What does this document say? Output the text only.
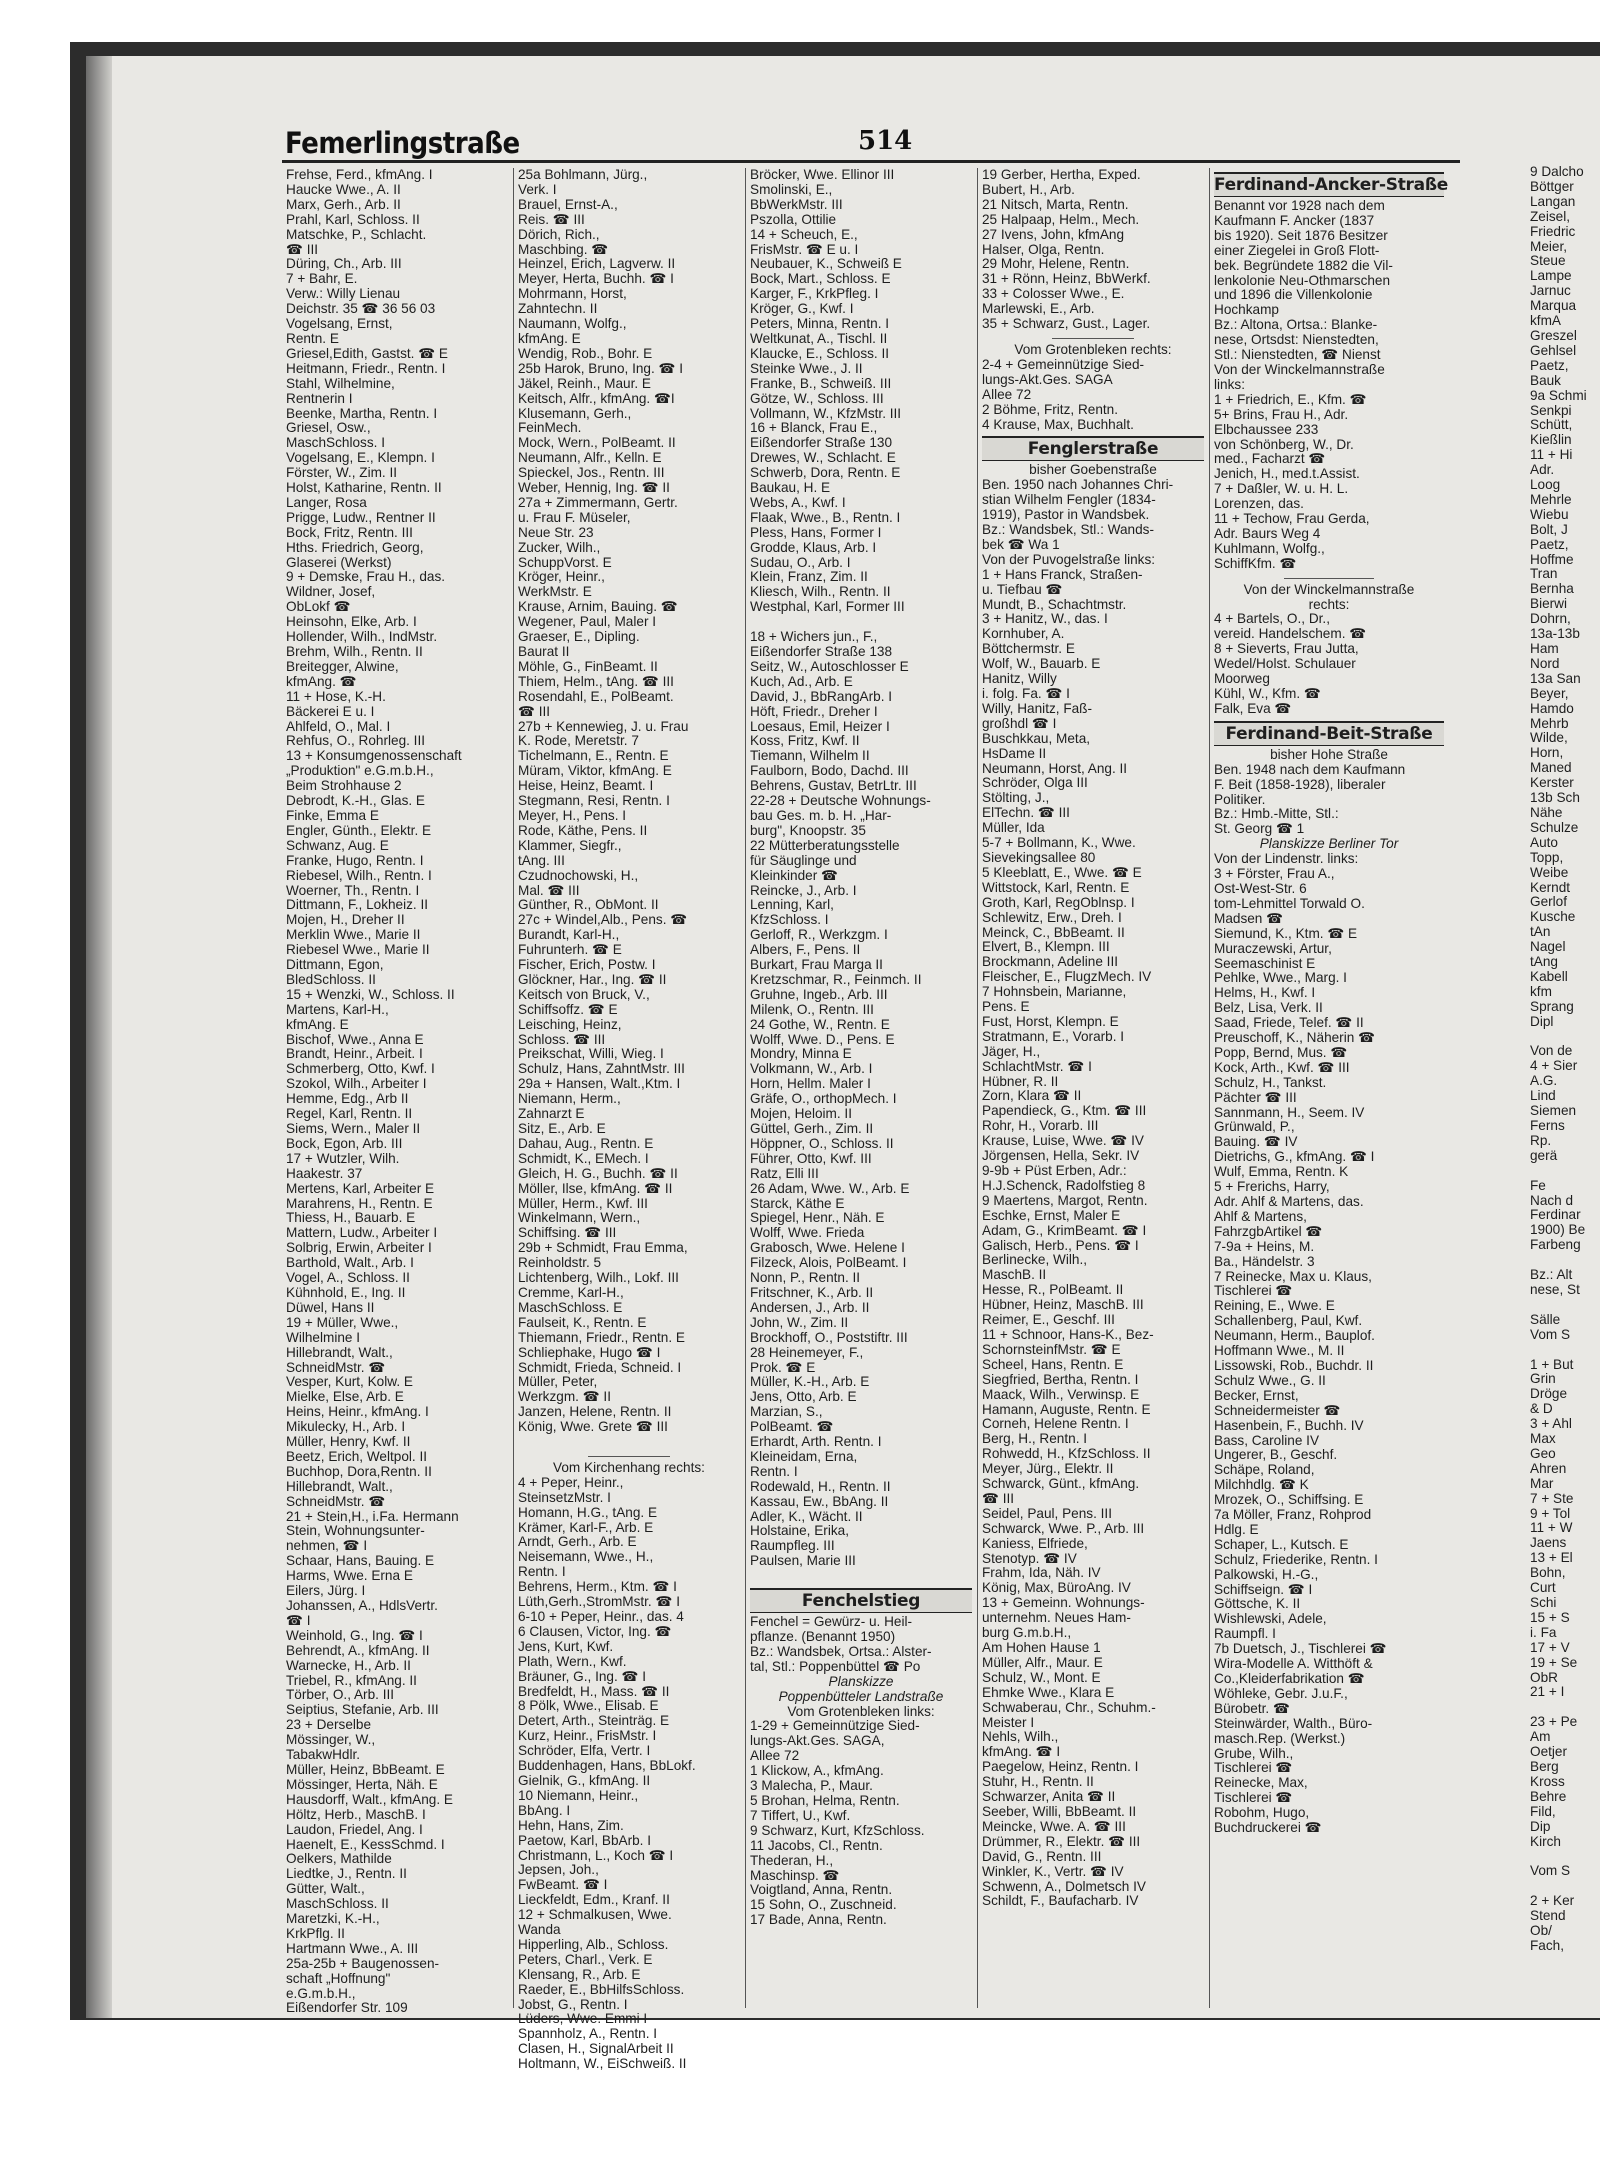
Femerlingstraße	514
Frehse, Ferd., kfmAng. I
Haucke Wwe., A. II
Marx, Gerh., Arb. II
Prahl, Karl, Schloss. II
Matschke, P., Schlacht.
☎ III
Düring, Ch., Arb. III
7 + Bahr, E.
Verw.: Willy Lienau
Deichstr. 35 ☎ 36 56 03
Vogelsang, Ernst,
Rentn. E
Griesel,Edith, Gastst. ☎ E
Heitmann, Friedr., Rentn. I
Stahl, Wilhelmine,
Rentnerin I
Beenke, Martha, Rentn. I
Griesel, Osw.,
MaschSchloss. I
Vogelsang, E., Klempn. I
Förster, W., Zim. II
Holst, Katharine, Rentn. II
Langer, Rosa
Prigge, Ludw., Rentner II
Bock, Fritz, Rentn. III
Hths. Friedrich, Georg,
Glaserei (Werkst)
9 + Demske, Frau H., das.
Wildner, Josef,
ObLokf ☎
Heinsohn, Elke, Arb. I
Hollender, Wilh., IndMstr.
Brehm, Wilh., Rentn. II
Breitegger, Alwine,
kfmAng. ☎
11 + Hose, K.-H.
Bäckerei E u. I
Ahlfeld, O., Mal. I
Rehfus, O., Rohrleg. III
13 + Konsumgenossenschaft
„Produktion" e.G.m.b.H.,
Beim Strohhause 2
Debrodt, K.-H., Glas. E
Finke, Emma E
Engler, Günth., Elektr. E
Schwanz, Aug. E
Franke, Hugo, Rentn. I
Riebesel, Wilh., Rentn. I
Woerner, Th., Rentn. I
Dittmann, F., Lokheiz. II
Mojen, H., Dreher II
Merklin Wwe., Marie II
Riebesel Wwe., Marie II
Dittmann, Egon,
BledSchloss. II
15 + Wenzki, W., Schloss. II
Martens, Karl-H.,
kfmAng. E
Bischof, Wwe., Anna E
Brandt, Heinr., Arbeit. I
Schmerberg, Otto, Kwf. I
Szokol, Wilh., Arbeiter I
Hemme, Edg., Arb II
Regel, Karl, Rentn. II
Siems, Wern., Maler II
Bock, Egon, Arb. III
17 + Wutzler, Wilh.
Haakestr. 37
Mertens, Karl, Arbeiter E
Marahrens, H., Rentn. E
Thiess, H., Bauarb. E
Mattern, Ludw., Arbeiter I
Solbrig, Erwin, Arbeiter I
Barthold, Walt., Arb. I
Vogel, A., Schloss. II
Kühnhold, E., Ing. II
Düwel, Hans II
19 + Müller, Wwe.,
Wilhelmine I
Hillebrandt, Walt.,
SchneidMstr. ☎
Vesper, Kurt, Kolw. E
Mielke, Else, Arb. E
Heins, Heinr., kfmAng. I
Mikulecky, H., Arb. I
Müller, Henry, Kwf. II
Beetz, Erich, Weltpol. II
Buchhop, Dora,Rentn. II
Hillebrandt, Walt.,
SchneidMstr. ☎
21 + Stein,H., i.Fa. Hermann
Stein, Wohnungsunter-
nehmen, ☎ I
Schaar, Hans, Bauing. E
Harms, Wwe. Erna E
Eilers, Jürg. I
Johanssen, A., HdlsVertr.
☎ I
Weinhold, G., Ing. ☎ I
Behrendt, A., kfmAng. II
Warnecke, H., Arb. II
Triebel, R., kfmAng. II
Törber, O., Arb. III
Seiptius, Stefanie, Arb. III
23 + Derselbe
Mössinger, W.,
TabakwHdlr.
Müller, Heinz, BbBeamt. E
Mössinger, Herta, Näh. E
Hausdorff, Walt., kfmAng. E
Höltz, Herb., MaschB. I
Laudon, Friedel, Ang. I
Haenelt, E., KessSchmd. I
Oelkers, Mathilde
Liedtke, J., Rentn. II
Gütter, Walt.,
MaschSchloss. II
Maretzki, K.-H.,
KrkPflg. II
Hartmann Wwe., A. III
25a-25b + Baugenossen-
schaft „Hoffnung"
e.G.m.b.H.,
Eißendorfer Str. 109
25a Bohlmann, Jürg.,
Verk. I
Brauel, Ernst-A.,
Reis. ☎ III
Dörich, Rich.,
Maschbing. ☎
Heinzel, Erich, Lagverw. II
Meyer, Herta, Buchh. ☎ I
Mohrmann, Horst,
Zahntechn. II
Naumann, Wolfg.,
kfmAng. E
Wendig, Rob., Bohr. E
25b Harok, Bruno, Ing. ☎ I
Jäkel, Reinh., Maur. E
Keitsch, Alfr., kfmAng. ☎I
Klusemann, Gerh.,
FeinMech.
Mock, Wern., PolBeamt. II
Neumann, Alfr., Kelln. E
Spieckel, Jos., Rentn. III
Weber, Hennig, Ing. ☎ II
27a + Zimmermann, Gertr.
u. Frau F. Müseler,
Neue Str. 23
Zucker, Wilh.,
SchuppVorst. E
Kröger, Heinr.,
WerkMstr. E
Krause, Arnim, Bauing. ☎
Wegener, Paul, Maler I
Graeser, E., Dipling.
Baurat II
Möhle, G., FinBeamt. II
Thiem, Helm., tAng. ☎ III
Rosendahl, E., PolBeamt.
☎ III
27b + Kennewieg, J. u. Frau
K. Rode, Meretstr. 7
Tichelmann, E., Rentn. E
Müram, Viktor, kfmAng. E
Heise, Heinz, Beamt. I
Stegmann, Resi, Rentn. I
Meyer, H., Pens. I
Rode, Käthe, Pens. II
Klammer, Siegfr.,
tAng. III
Czudnochowski, H.,
Mal. ☎ III
Günther, R., ObMont. II
27c + Windel,Alb., Pens. ☎
Burandt, Karl-H.,
Fuhrunterh. ☎ E
Fischer, Erich, Postw. I
Glöckner, Har., Ing. ☎ II
Keitsch von Bruck, V.,
Schiffsoffz. ☎ E
Leisching, Heinz,
Schloss. ☎ III
Preikschat, Willi, Wieg. I
Schulz, Hans, ZahntMstr. III
29a + Hansen, Walt.,Ktm. I
Niemann, Herm.,
Zahnarzt E
Sitz, E., Arb. E
Dahau, Aug., Rentn. E
Schmidt, K., EMech. I
Gleich, H. G., Buchh. ☎ II
Möller, Ilse, kfmAng. ☎ II
Müller, Herm., Kwf. III
Winkelmann, Wern.,
Schiffsing. ☎ III
29b + Schmidt, Frau Emma,
Reinholdstr. 5
Lichtenberg, Wilh., Lokf. III
Cremme, Karl-H.,
MaschSchloss. E
Faulseit, K., Rentn. E
Thiemann, Friedr., Rentn. E
Schliephake, Hugo ☎ I
Schmidt, Frieda, Schneid. I
Müller, Peter,
Werkzgm. ☎ II
Janzen, Helene, Rentn. II
König, Wwe. Grete ☎ III

Vom Kirchenhang rechts:
4 + Peper, Heinr.,
SteinsetzMstr. I
Homann, H.G., tAng. E
Krämer, Karl-F., Arb. E
Arndt, Gerh., Arb. E
Neisemann, Wwe., H.,
Rentn. I
Behrens, Herm., Ktm. ☎ I
Lüth,Gerh.,StromMstr. ☎ I
6-10 + Peper, Heinr., das. 4
6 Clausen, Victor, Ing. ☎
Jens, Kurt, Kwf.
Plath, Wern., Kwf.
Bräuner, G., Ing. ☎ I
Bredfeldt, H., Mass. ☎ II
8 Pölk, Wwe., Elisab. E
Detert, Arth., Steinträg. E
Kurz, Heinr., FrisMstr. I
Schröder, Elfa, Vertr. I
Buddenhagen, Hans, BbLokf.
Gielnik, G., kfmAng. II
10 Niemann, Heinr.,
BbAng. I
Hehn, Hans, Zim.
Paetow, Karl, BbArb. I
Christmann, L., Koch ☎ I
Jepsen, Joh.,
FwBeamt. ☎ I
Lieckfeldt, Edm., Kranf. II
12 + Schmalkusen, Wwe.
Wanda
Hipperling, Alb., Schloss.
Peters, Charl., Verk. E
Klensang, R., Arb. E
Raeder, E., BbHilfsSchloss.
Jobst, G., Rentn. I
Lüders, Wwe. Emmi I
Spannholz, A., Rentn. I
Clasen, H., SignalArbeit II
Holtmann, W., EiSchweiß. II
Bröcker, Wwe. Ellinor III
Smolinski, E.,
BbWerkMstr. III
Pszolla, Ottilie
14 + Scheuch, E.,
FrisMstr. ☎ E u. I
Neubauer, K., Schweiß E
Bock, Mart., Schloss. E
Karger, F., KrkPfleg. I
Kröger, G., Kwf. I
Peters, Minna, Rentn. I
Weltkunat, A., Tischl. II
Klaucke, E., Schloss. II
Steinke Wwe., J. II
Franke, B., Schweiß. III
Götze, W., Schloss. III
Vollmann, W., KfzMstr. III
16 + Blanck, Frau E.,
Eißendorfer Straße 130
Drewes, W., Schlacht. E
Schwerb, Dora, Rentn. E
Baukau, H. E
Webs, A., Kwf. I
Flaak, Wwe., B., Rentn. I
Pless, Hans, Former I
Grodde, Klaus, Arb. I
Sudau, O., Arb. I
Klein, Franz, Zim. II
Kliesch, Wilh., Rentn. II
Westphal, Karl, Former III

18 + Wichers jun., F.,
Eißendorfer Straße 138
Seitz, W., Autoschlosser E
Kuch, Ad., Arb. E
David, J., BbRangArb. I
Höft, Friedr., Dreher I
Loesaus, Emil, Heizer I
Koss, Fritz, Kwf. II
Tiemann, Wilhelm II
Faulborn, Bodo, Dachd. III
Behrens, Gustav, BetrLtr. III
22-28 + Deutsche Wohnungs-
bau Ges. m. b. H. „Har-
burg", Knoopstr. 35
22 Mütterberatungsstelle
für Säuglinge und
Kleinkinder ☎
Reincke, J., Arb. I
Lenning, Karl,
KfzSchloss. I
Gerloff, R., Werkzgm. I
Albers, F., Pens. II
Burkart, Frau Marga II
Kretzschmar, R., Feinmch. II
Gruhne, Ingeb., Arb. III
Milenk, O., Rentn. III
24 Gothe, W., Rentn. E
Wolff, Wwe. D., Pens. E
Mondry, Minna E
Volkmann, W., Arb. I
Horn, Hellm. Maler I
Gräfe, O., orthopMech. I
Mojen, Heloim. II
Güttel, Gerh., Zim. II
Höppner, O., Schloss. II
Führer, Otto, Kwf. III
Ratz, Elli III
26 Adam, Wwe. W., Arb. E
Starck, Käthe E
Spiegel, Henr., Näh. E
Wolff, Wwe. Frieda
Grabosch, Wwe. Helene I
Filzeck, Alois, PolBeamt. I
Nonn, P., Rentn. II
Fritschner, K., Arb. II
Andersen, J., Arb. II
John, W., Zim. II
Brockhoff, O., Poststiftr. III
28 Heinemeyer, F.,
Prok. ☎ E
Müller, K.-H., Arb. E
Jens, Otto, Arb. E
Marzian, S.,
PolBeamt. ☎
Erhardt, Arth. Rentn. I
Kleineidam, Erna,
Rentn. I
Rodewald, H., Rentn. II
Kassau, Ew., BbAng. II
Adler, K., Wächt. II
Holstaine, Erika,
Raumpfleg. III
Paulsen, Marie III

Fenchelstieg
Fenchel = Gewürz- u. Heil-
pflanze. (Benannt 1950)
Bz.: Wandsbek, Ortsa.: Alster-
tal, Stl.: Poppenbüttel ☎ Po
Planskizze
Poppenbütteler Landstraße
Vom Grotenbleken links:
1-29 + Gemeinnützige Sied-
lungs-Akt.Ges. SAGA,
Allee 72
1 Klickow, A., kfmAng.
3 Malecha, P., Maur.
5 Brohan, Helma, Rentn.
7 Tiffert, U., Kwf.
9 Schwarz, Kurt, KfzSchloss.
11 Jacobs, Cl., Rentn.
Thederan, H.,
Maschinsp. ☎
Voigtland, Anna, Rentn.
15 Sohn, O., Zuschneid.
17 Bade, Anna, Rentn.
19 Gerber, Hertha, Exped.
Bubert, H., Arb.
21 Nitsch, Marta, Rentn.
25 Halpaap, Helm., Mech.
27 Ivens, John, kfmAng
Halser, Olga, Rentn.
29 Mohr, Helene, Rentn.
31 + Rönn, Heinz, BbWerkf.
33 + Colosser Wwe., E.
Marlewski, E., Arb.
35 + Schwarz, Gust., Lager.
Vom Grotenbleken rechts:
2-4 + Gemeinnützige Sied-
lungs-Akt.Ges. SAGA
Allee 72
2 Böhme, Fritz, Rentn.
4 Krause, Max, Buchhalt.
Fenglerstraße
bisher Goebenstraße
Ben. 1950 nach Johannes Chri-
stian Wilhelm Fengler (1834-
1919), Pastor in Wandsbek.
Bz.: Wandsbek, Stl.: Wands-
bek ☎ Wa 1
Von der Puvogelstraße links:
1 + Hans Franck, Straßen-
u. Tiefbau ☎
Mundt, B., Schachtmstr.
3 + Hanitz, W., das. I
Kornhuber, A.
Böttchermstr. E
Wolf, W., Bauarb. E
Hanitz, Willy
i. folg. Fa. ☎ I
Willy, Hanitz, Faß-
großhdl ☎ I
Buschkkau, Meta,
HsDame II
Neumann, Horst, Ang. II
Schröder, Olga III
Stölting, J.,
ElTechn. ☎ III
Müller, Ida
5-7 + Bollmann, K., Wwe.
Sievekingsallee 80
5 Kleeblatt, E., Wwe. ☎ E
Wittstock, Karl, Rentn. E
Groth, Karl, RegOblnsp. I
Schlewitz, Erw., Dreh. I
Meinck, C., BbBeamt. II
Elvert, B., Klempn. III
Brockmann, Adeline III
Fleischer, E., FlugzMech. IV
7 Hohnsbein, Marianne,
Pens. E
Fust, Horst, Klempn. E
Stratmann, E., Vorarb. I
Jäger, H.,
SchlachtMstr. ☎ I
Hübner, R. II
Zorn, Klara ☎ II
Papendieck, G., Ktm. ☎ III
Rohr, H., Vorarb. III
Krause, Luise, Wwe. ☎ IV
Jörgensen, Hella, Sekr. IV
9-9b + Püst Erben, Adr.:
H.J.Schenck, Radolfstieg 8
9 Maertens, Margot, Rentn.
Eschke, Ernst, Maler E
Adam, G., KrimBeamt. ☎ I
Galisch, Herb., Pens. ☎ I
Berlinecke, Wilh.,
MaschB. II
Hesse, R., PolBeamt. II
Hübner, Heinz, MaschB. III
Reimer, E., Geschf. III
11 + Schnoor, Hans-K., Bez-
SchornsteinfMstr. ☎ E
Scheel, Hans, Rentn. E
Siegfried, Bertha, Rentn. I
Maack, Wilh., Verwinsp. E
Hamann, Auguste, Rentn. E
Corneh, Helene Rentn. I
Berg, H., Rentn. I
Rohwedd, H., KfzSchloss. II
Meyer, Jürg., Elektr. II
Schwarck, Günt., kfmAng.
☎ III
Seidel, Paul, Pens. III
Schwarck, Wwe. P., Arb. III
Kaniess, Elfriede,
Stenotyp. ☎ IV
Frahm, Ida, Näh. IV
König, Max, BüroAng. IV
13 + Gemeinn. Wohnungs-
unternehm. Neues Ham-
burg G.m.b.H.,
Am Hohen Hause 1
Müller, Alfr., Maur. E
Schulz, W., Mont. E
Ehmke Wwe., Klara E
Schwaberau, Chr., Schuhm.-
Meister I
Nehls, Wilh.,
kfmAng. ☎ I
Paegelow, Heinz, Rentn. I
Stuhr, H., Rentn. II
Schwarzer, Anita ☎ II
Seeber, Willi, BbBeamt. II
Meincke, Wwe. A. ☎ III
Drümmer, R., Elektr. ☎ III
David, G., Rentn. III
Winkler, K., Vertr. ☎ IV
Schwenn, A., Dolmetsch IV
Schildt, F., Baufacharb. IV
Ferdinand-Ancker-Straße
Benannt vor 1928 nach dem
Kaufmann F. Ancker (1837
bis 1920). Seit 1876 Besitzer
einer Ziegelei in Groß Flott-
bek. Begründete 1882 die Vil-
lenkolonie Neu-Othmarschen
und 1896 die Villenkolonie
Hochkamp
Bz.: Altona, Ortsa.: Blanke-
nese, Ortsdst: Nienstedten,
Stl.: Nienstedten, ☎ Nienst
Von der Winckelmannstraße
links:
1 + Friedrich, E., Kfm. ☎
5+ Brins, Frau H., Adr.
Elbchaussee 233
von Schönberg, W., Dr.
med., Facharzt ☎
Jenich, H., med.t.Assist.
7 + Daßler, W. u. H. L.
Lorenzen, das.
11 + Techow, Frau Gerda,
Adr. Baurs Weg 4
Kuhlmann, Wolfg.,
SchiffKfm. ☎
Von der Winckelmannstraße
rechts:
4 + Bartels, O., Dr.,
vereid. Handelschem. ☎
8 + Sieverts, Frau Jutta,
Wedel/Holst. Schulauer
Moorweg
Kühl, W., Kfm. ☎
Falk, Eva ☎
Ferdinand-Beit-Straße
bisher Hohe Straße
Ben. 1948 nach dem Kaufmann
F. Beit (1858-1928), liberaler
Politiker.
Bz.: Hmb.-Mitte, Stl.:
St. Georg ☎ 1
Planskizze Berliner Tor
Von der Lindenstr. links:
3 + Förster, Frau A.,
Ost-West-Str. 6
tom-Lehmittel Torwald O.
Madsen ☎
Siemund, K., Ktm. ☎ E
Muraczewski, Artur,
Seemaschinist E
Pehlke, Wwe., Marg. I
Helms, H., Kwf. I
Belz, Lisa, Verk. II
Saad, Friede, Telef. ☎ II
Preuschoff, K., Näherin ☎
Popp, Bernd, Mus. ☎
Kock, Arth., Kwf. ☎ III
Schulz, H., Tankst.
Pächter ☎ III
Sannmann, H., Seem. IV
Grünwald, P.,
Bauing. ☎ IV
Dietrichs, G., kfmAng. ☎ I
Wulf, Emma, Rentn. K
5 + Frerichs, Harry,
Adr. Ahlf & Martens, das.
Ahlf & Martens,
FahrzgbArtikel ☎
7-9a + Heins, M.
Ba., Händelstr. 3
7 Reinecke, Max u. Klaus,
Tischlerei ☎
Reining, E., Wwe. E
Schallenberg, Paul, Kwf.
Neumann, Herm., Bauplof.
Hoffmann Wwe., M. II
Lissowski, Rob., Buchdr. II
Schulz Wwe., G. II
Becker, Ernst,
Schneidermeister ☎
Hasenbein, F., Buchh. IV
Bass, Caroline IV
Ungerer, B., Geschf.
Schäpe, Roland,
Milchhdlg. ☎ K
Mrozek, O., Schiffsing. E
7a Möller, Franz, Rohprod
Hdlg. E
Schaper, L., Kutsch. E
Schulz, Friederike, Rentn. I
Palkowski, H.-G.,
Schiffseign. ☎ I
Göttsche, K. II
Wishlewski, Adele,
Raumpfl. I
7b Duetsch, J., Tischlerei ☎
Wira-Modelle A. Witthöft &
Co.,Kleiderfabrikation ☎
Wöhleke, Gebr. J.u.F.,
Bürobetr. ☎
Steinwärder, Walth., Büro-
masch.Rep. (Werkst.)
Grube, Wilh.,
Tischlerei ☎
Reinecke, Max,
Tischlerei ☎
Robohm, Hugo,
Buchdruckerei ☎
9 Dalcho
Böttger
Langan
Zeisel,
Friedric
Meier,
Steue
Lampe
Jarnuc
Marqua
kfmA
Greszel
Gehlsel
Paetz,
Bauk
9a Schmi
Senkpi
Schütt,
Kießlin
11 + Hi
Adr.
Loog
Mehrle
Wiebu
Bolt, J
Paetz,
Hoffme
Tran
Bernha
Bierwi
Dohrn,
13a-13b
Ham
Nord
13a San
Beyer,
Hamdo
Mehrb
Wilde,
Horn,
Maned
Kerster
13b Sch
Nähe
Schulze
Auto
Topp,
Weibe
Kerndt
Gerlof
Kusche
tAn
Nagel
tAng
Kabell
kfm
Sprang
Dipl

Von de
4 + Sier
A.G.
Lind
Siemen
Ferns
Rp.
gerä

Fe
Nach d
Ferdinar
1900) Be
Farbeng

Bz.: Alt
nese, St

Sälle
Vom S

1 + But
Grin
Dröge
& D
3 + Ahl
Max
Geo
Ahren
Mar
7 + Ste
9 + Tol
11 + W
Jaens
13 + El
Bohn,
Curt
Schi
15 + S
i. Fa
17 + V
19 + Se
ObR
21 + I

23 + Pe
Am
Oetjer
Berg
Kross
Behre
Fild,
Dip
Kirch

Vom S

2 + Ker
Stend
Ob/
Fach,
